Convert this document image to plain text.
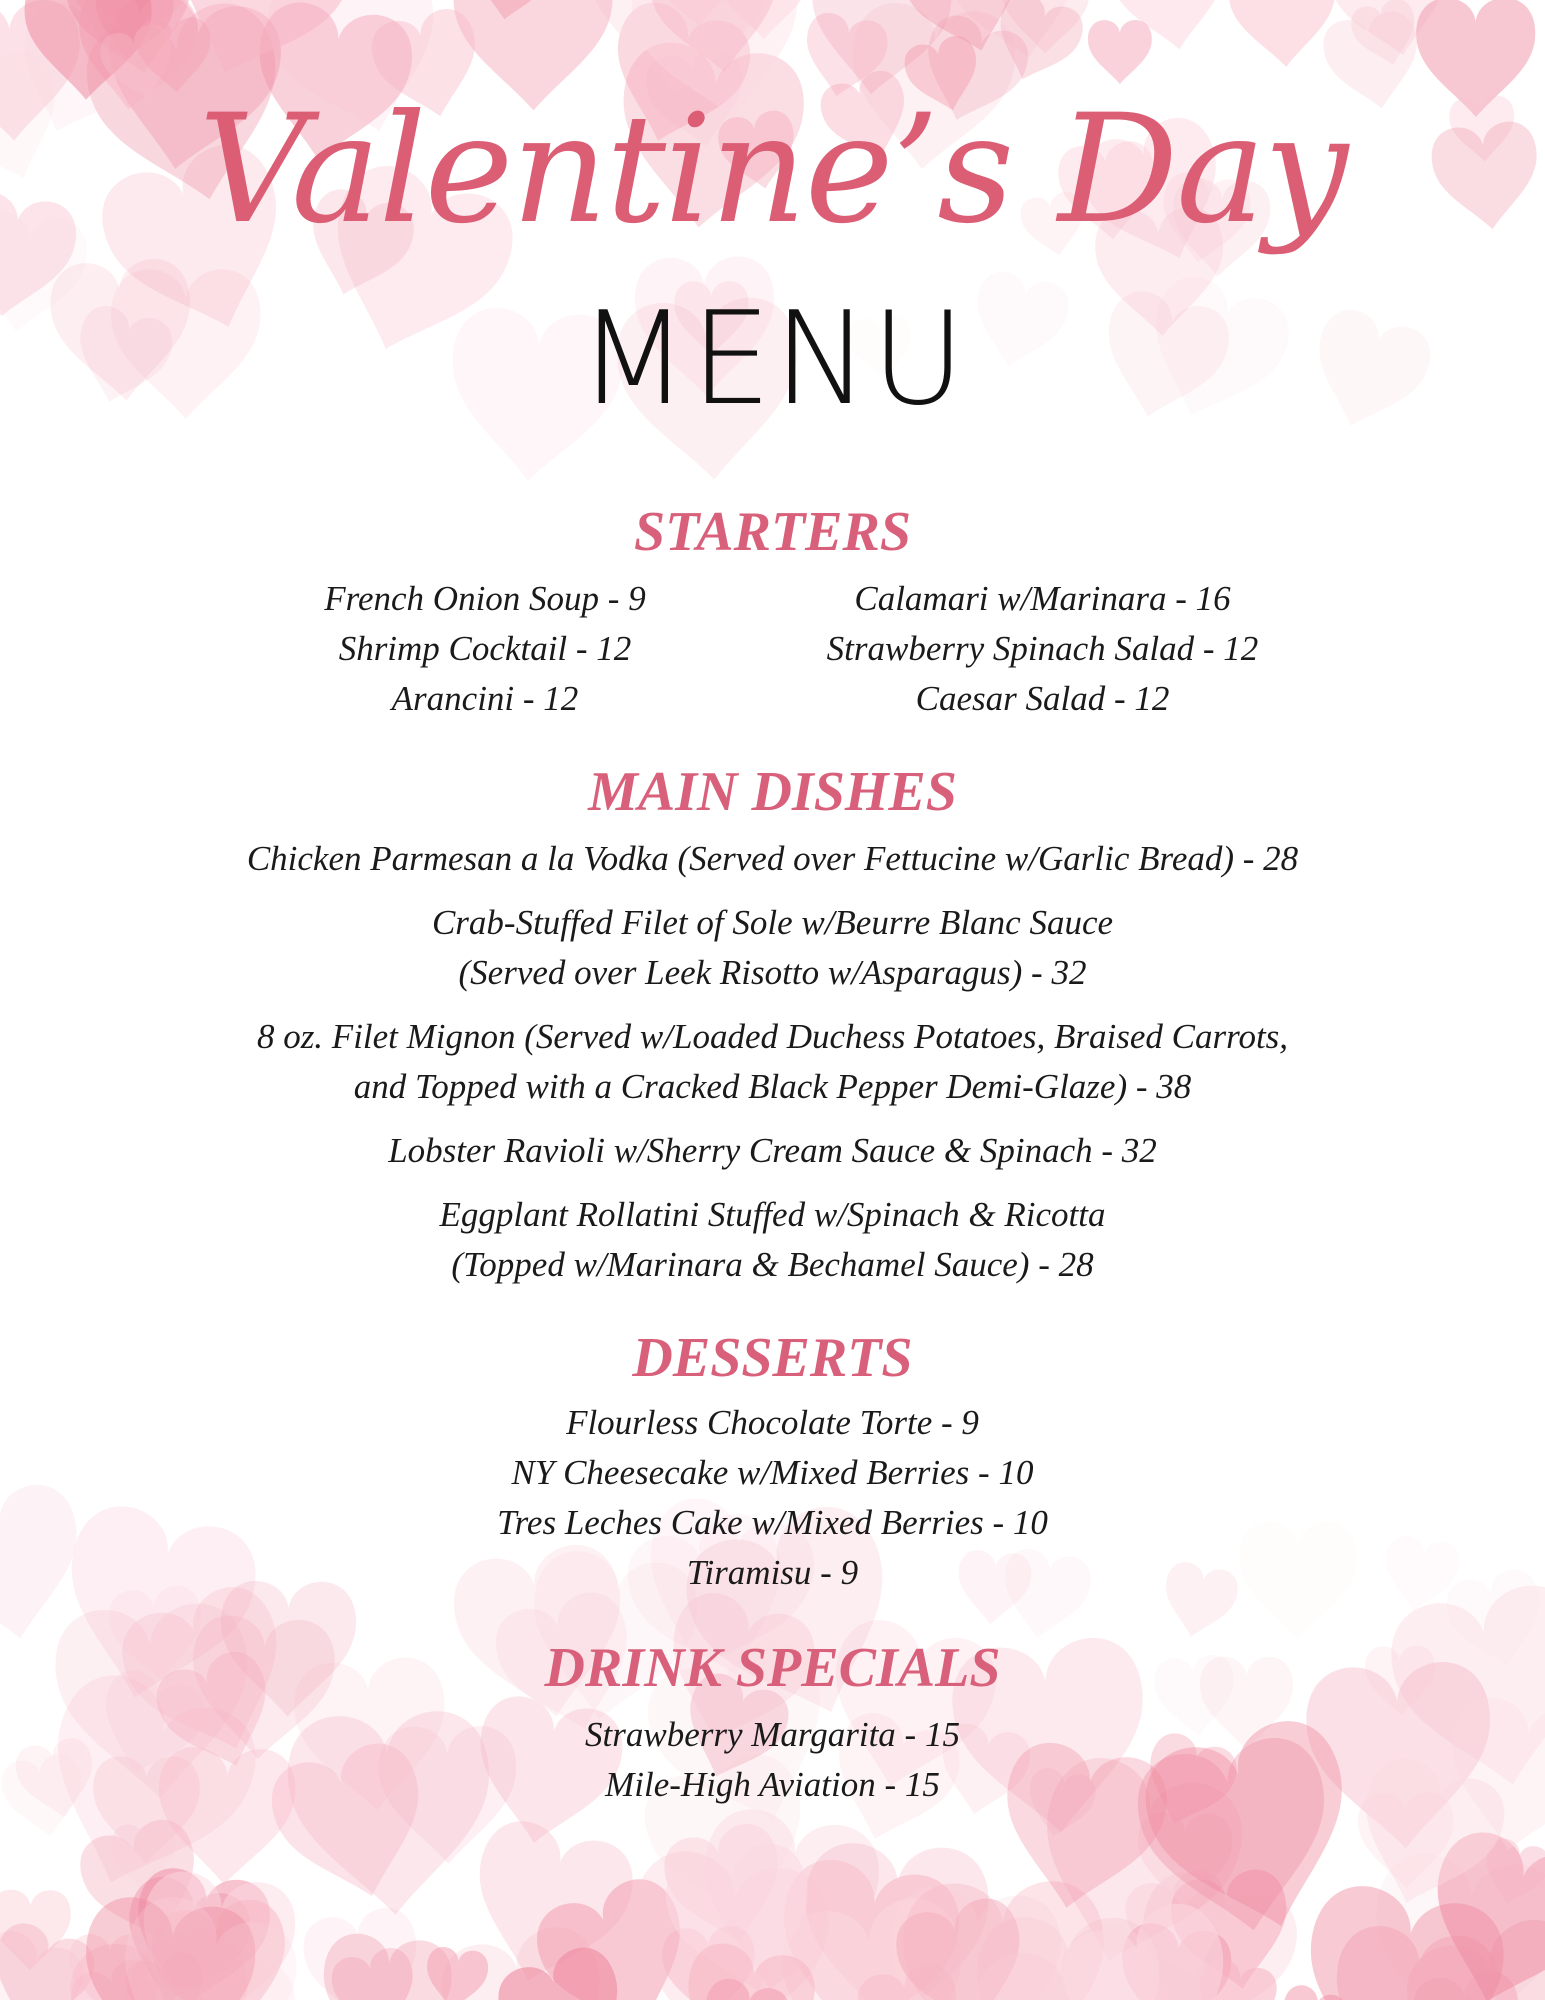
Valentine’s Day
MENU
STARTERS
French Onion Soup - 9
Shrimp Cocktail - 12
Arancini - 12
Calamari w/Marinara - 16
Strawberry Spinach Salad - 12
Caesar Salad - 12
MAIN DISHES
Chicken Parmesan a la Vodka (Served over Fettucine w/Garlic Bread) - 28
Crab-Stuffed Filet of Sole w/Beurre Blanc Sauce
(Served over Leek Risotto w/Asparagus) - 32
8 oz. Filet Mignon (Served w/Loaded Duchess Potatoes, Braised Carrots,
and Topped with a Cracked Black Pepper Demi-Glaze) - 38
Lobster Ravioli w/Sherry Cream Sauce & Spinach - 32
Eggplant Rollatini Stuffed w/Spinach & Ricotta
(Topped w/Marinara & Bechamel Sauce) - 28
DESSERTS
Flourless Chocolate Torte - 9
NY Cheesecake w/Mixed Berries - 10
Tres Leches Cake w/Mixed Berries - 10
Tiramisu - 9
DRINK SPECIALS
Strawberry Margarita - 15
Mile-High Aviation - 15
